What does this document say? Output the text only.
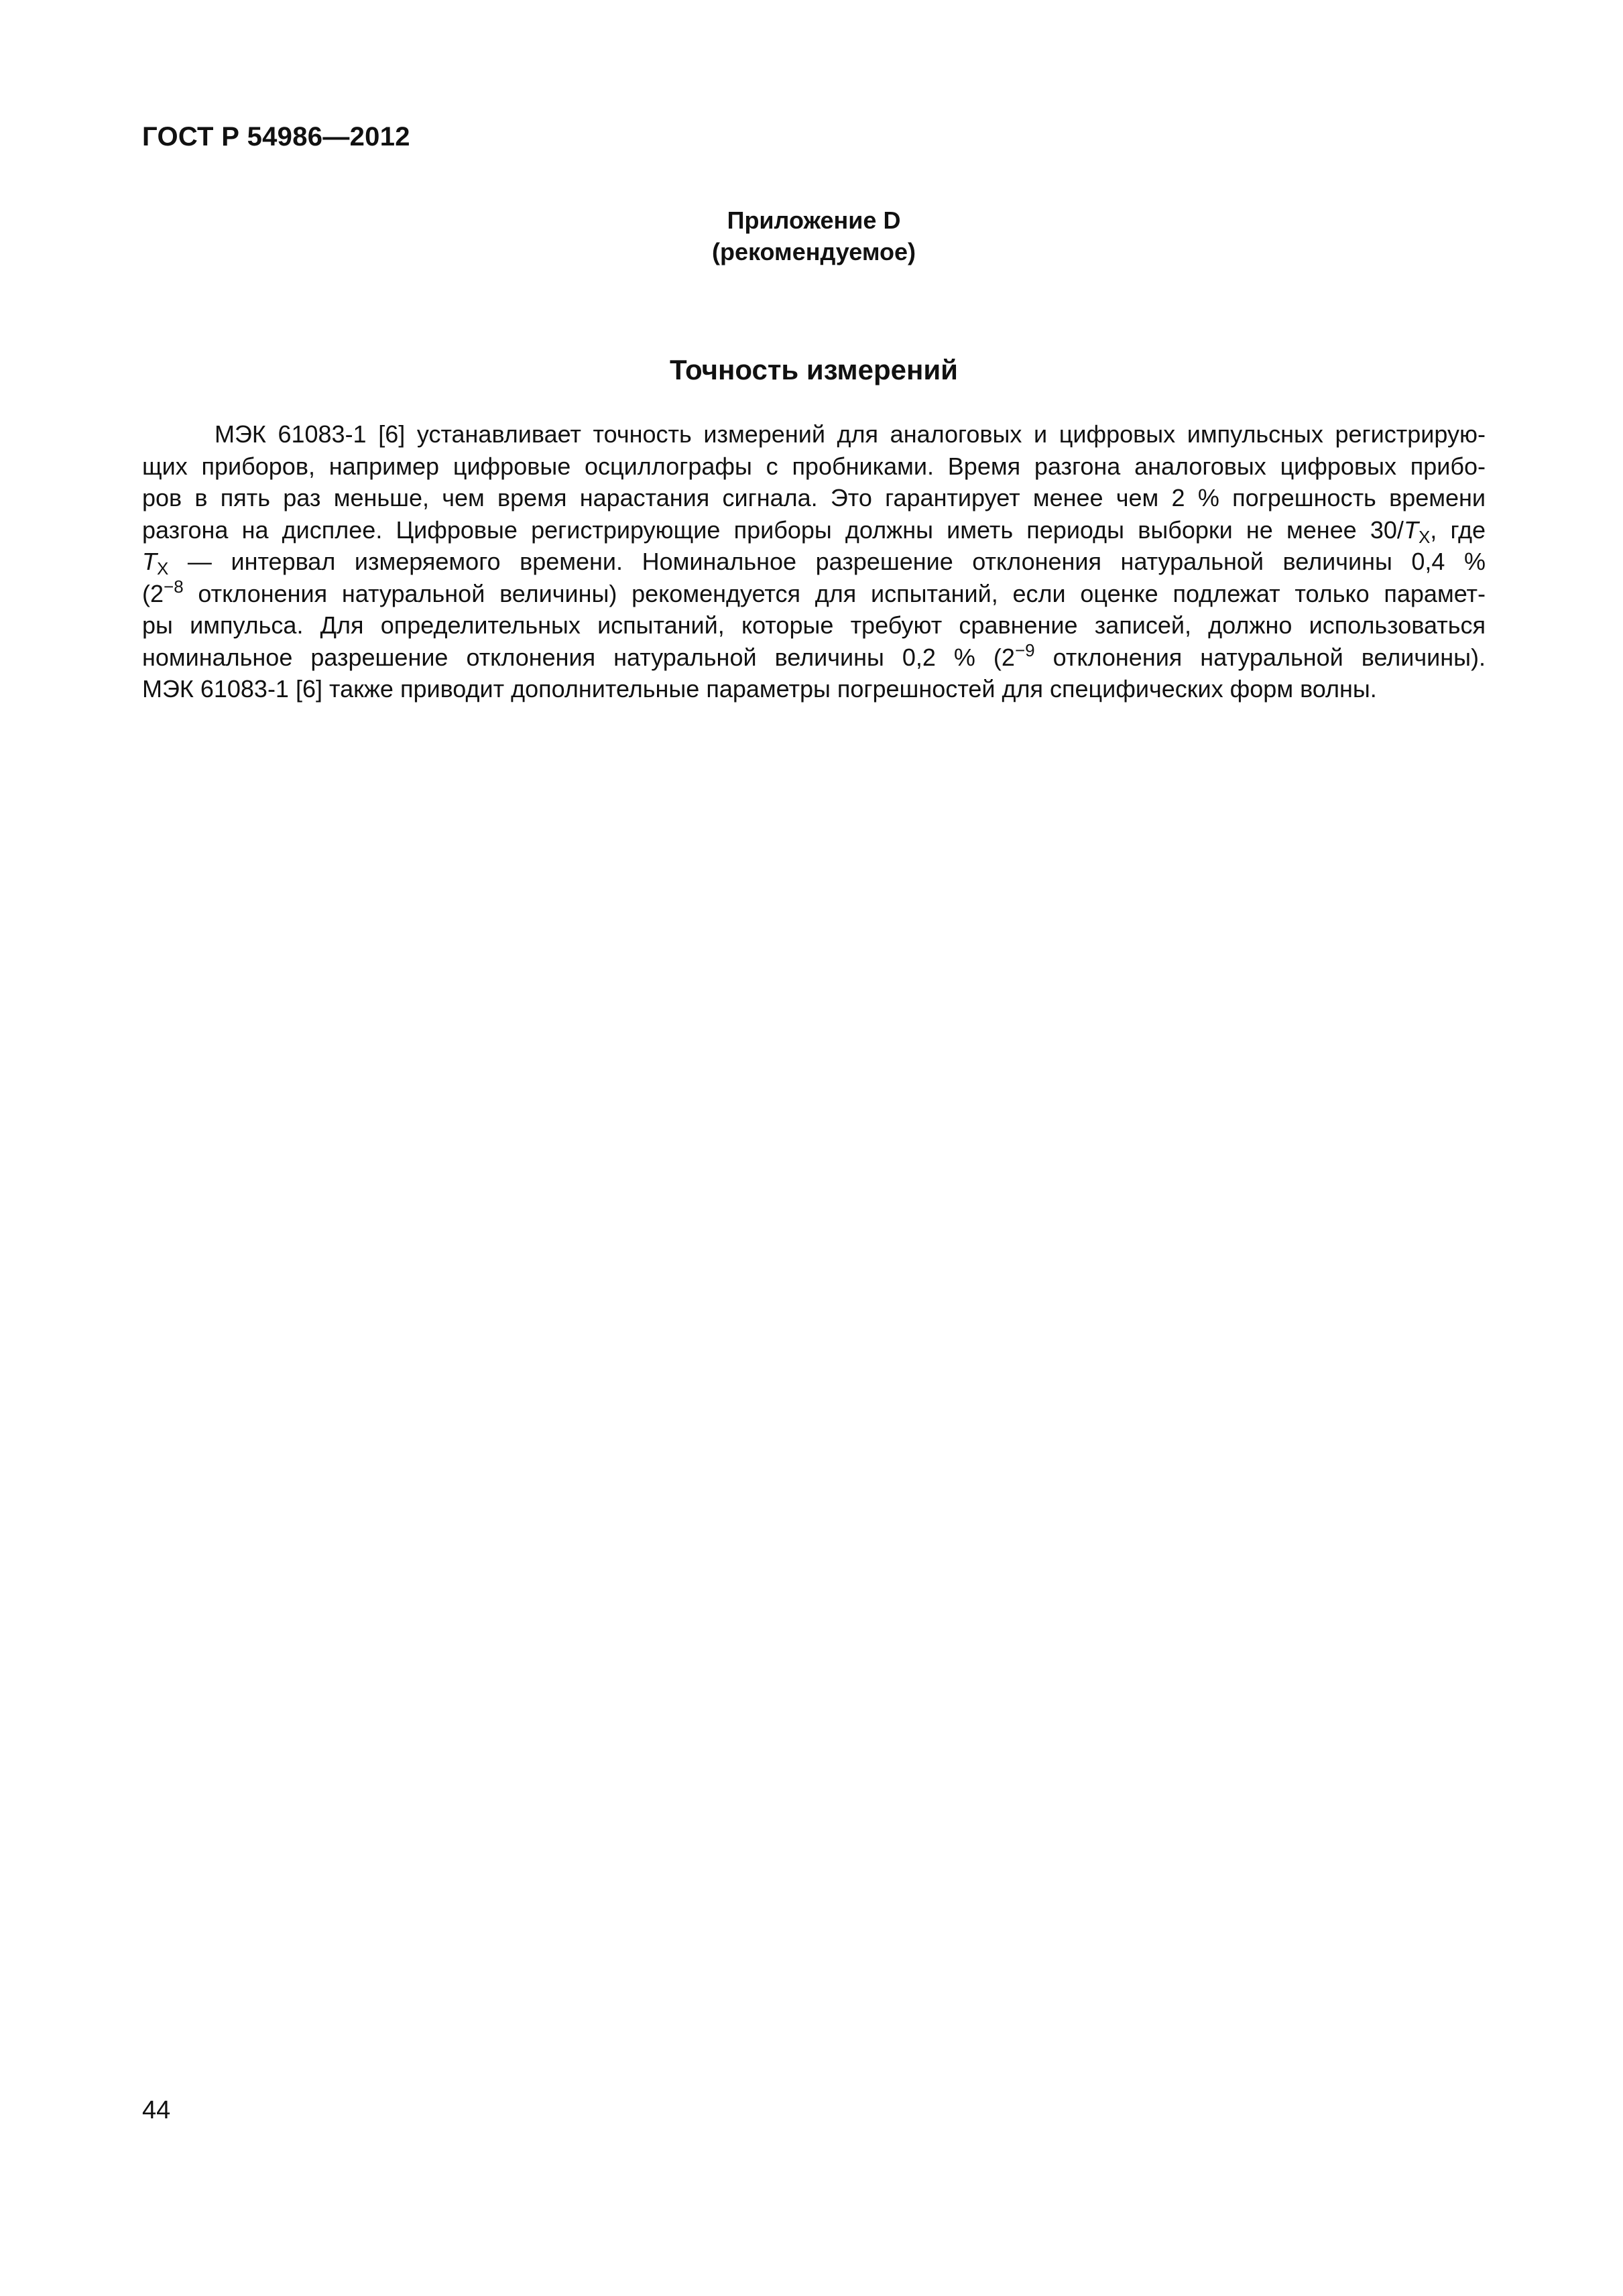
ГОСТ Р 54986—2012
Приложение D
(рекомендуемое)
Точность измерений
МЭК 61083-1 [6] устанавливает точность измерений для аналоговых и цифровых импульсных регистрирую-
щих приборов, например цифровые осциллографы с пробниками. Время разгона аналоговых цифровых прибо-
ров в пять раз меньше, чем время нарастания сигнала. Это гарантирует менее чем 2 % погрешность времени
разгона на дисплее. Цифровые регистрирующие приборы должны иметь периоды выборки не менее $30/T_X$, где
$T_X$ — интервал измеряемого времени. Номинальное разрешение отклонения натуральной величины 0,4 %
($2^{-8}$ отклонения натуральной величины) рекомендуется для испытаний, если оценке подлежат только парамет-
ры импульса. Для определительных испытаний, которые требуют сравнение записей, должно использоваться
номинальное разрешение отклонения натуральной величины 0,2 % ($2^{-9}$ отклонения натуральной величины).
МЭК 61083-1 [6] также приводит дополнительные параметры погрешностей для специфических форм волны.
44
